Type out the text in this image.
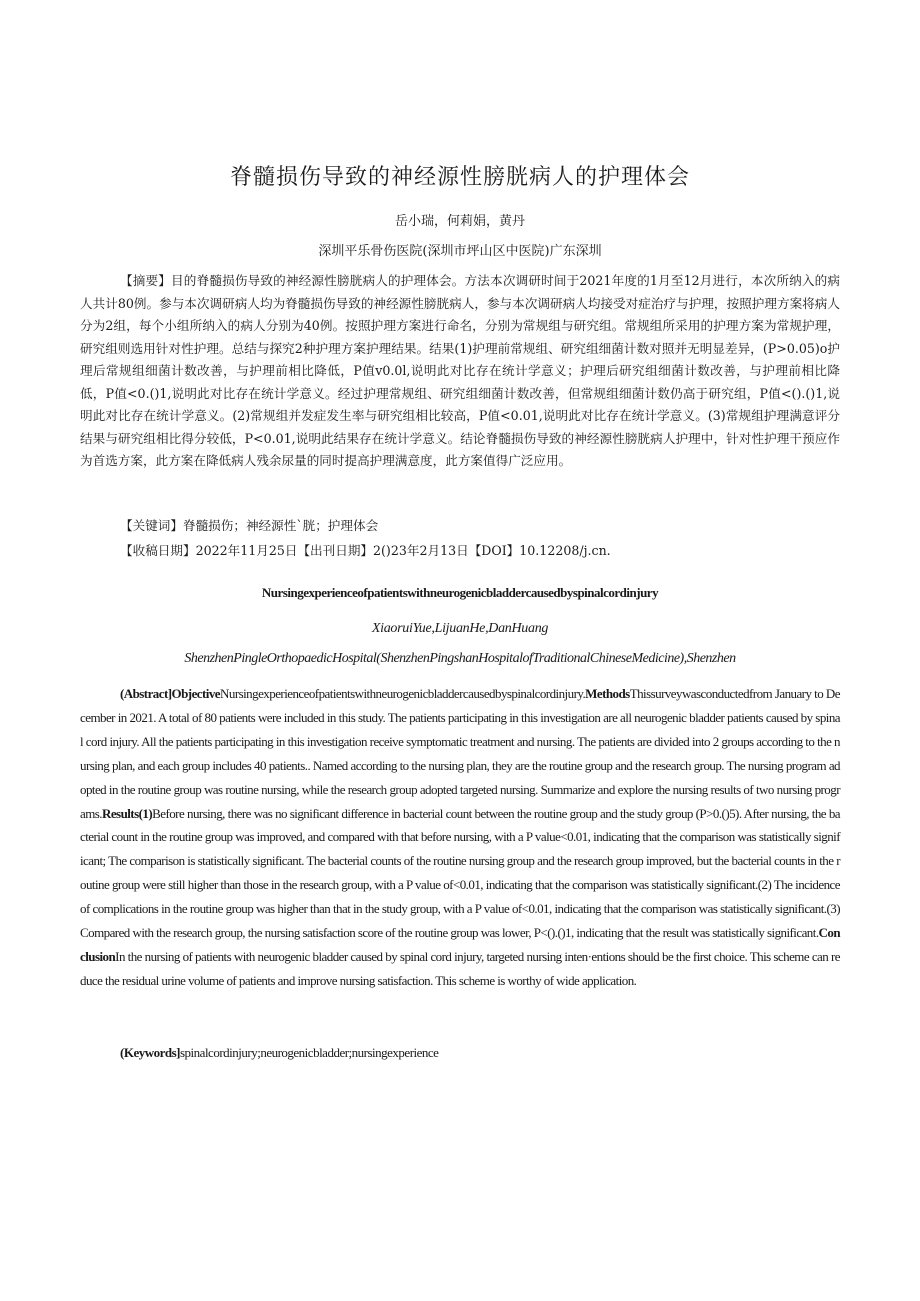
脊髓损伤导致的神经源性膀胱病人的护理体会
岳小瑞，何莉娟，黄丹
深圳平乐骨伤医院(深圳市坪山区中医院)广东深圳

【摘要】目的脊髓损伤导致的神经源性膀胱病人的护理体会。方法本次调研时间于2021年度的1月至12月进行，本次所纳入的病人共计80例。参与本次调研病人均为脊髓损伤导致的神经源性膀胱病人，参与本次调研病人均接受对症治疗与护理，按照护理方案将病人分为2组，每个小组所纳入的病人分别为40例。按照护理方案进行命名，分别为常规组与研究组。常规组所采用的护理方案为常规护理，研究组则选用针对性护理。总结与探究2种护理方案护理结果。结果(1)护理前常规组、研究组细菌计数对照并无明显差异，(P>0.05)o护理后常规组细菌计数改善，与护理前相比降低，P值v0.0l,说明此对比存在统计学意义；护理后研究组细菌计数改善，与护理前相比降低，P值<0.()1,说明此对比存在统计学意义。经过护理常规组、研究组细菌计数改善，但常规组细菌计数仍高于研究组，P值<().()1,说明此对比存在统计学意义。(2)常规组并发症发生率与研究组相比较高，P值<0.01,说明此对比存在统计学意义。(3)常规组护理满意评分结果与研究组相比得分较低，P<0.01,说明此结果存在统计学意义。结论脊髓损伤导致的神经源性膀胱病人护理中，针对性护理干预应作为首选方案，此方案在降低病人残余尿量的同时提高护理满意度，此方案值得广泛应用。

【关键词】脊髓损伤；神经源性`胱；护理体会

【收稿日期】2022年11月25日【出刊日期】2()23年2月13日【DOI】10.12208/j.cn.

Nursingexperienceofpatientswithneurogenicbladdercausedbyspinalcordinjury
XiaoruiYue,LijuanHe,DanHuang
ShenzhenPingleOrthopaedicHospital(ShenzhenPingshanHospitalofTraditionalChineseMedicine),Shenzhen

(Abstract]ObjectiveNursingexperienceofpatientswithneurogenicbladdercausedbyspinalcordinjury.MethodsThissurveywasconductedfrom January to December in 2021. A total of 80 patients were included in this study. The patients participating in this investigation are all neurogenic bladder patients caused by spinal cord injury. All the patients participating in this investigation receive symptomatic treatment and nursing. The patients are divided into 2 groups according to the nursing plan, and each group includes 40 patients.. Named according to the nursing plan, they are the routine group and the research group. The nursing program adopted in the routine group was routine nursing, while the research group adopted targeted nursing. Summarize and explore the nursing results of two nursing programs.Results(1)Before nursing, there was no significant difference in bacterial count between the routine group and the study group (P>0.()5). After nursing, the bacterial count in the routine group was improved, and compared with that before nursing, with a P value<0.01, indicating that the comparison was statistically significant; The comparison is statistically significant. The bacterial counts of the routine nursing group and the research group improved, but the bacterial counts in the routine group were still higher than those in the research group, with a P value of<0.01, indicating that the comparison was statistically significant.(2) The incidence of complications in the routine group was higher than that in the study group, with a P value of<0.01, indicating that the comparison was statistically significant.(3) Compared with the research group, the nursing satisfaction score of the routine group was lower, P<().()1, indicating that the result was statistically significant.ConclusionIn the nursing of patients with neurogenic bladder caused by spinal cord injury, targeted nursing inten·entions should be the first choice. This scheme can reduce the residual urine volume of patients and improve nursing satisfaction. This scheme is worthy of wide application.

(Keywords]spinalcordinjury;neurogenicbladder;nursingexperience
